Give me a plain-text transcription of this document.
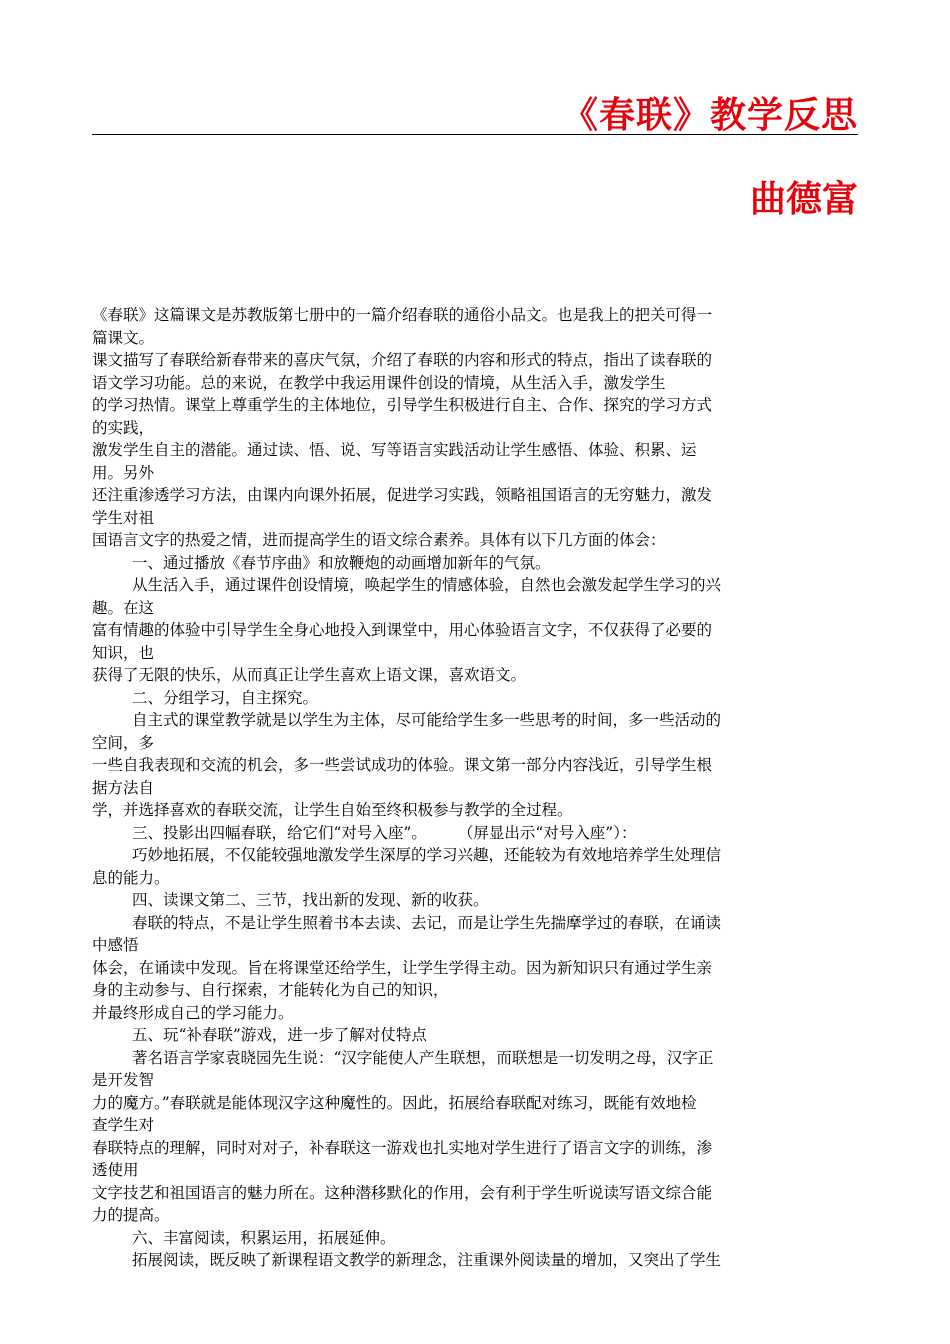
《春联》教学反思
曲德富
《春联》这篇课文是苏教版第七册中的一篇介绍春联的通俗小品文。也是我上的把关可得一
篇课文。
课文描写了春联给新春带来的喜庆气氛，介绍了春联的内容和形式的特点，指出了读春联的
语文学习功能。总的来说，在教学中我运用课件创设的情境，从生活入手，激发学生
的学习热情。课堂上尊重学生的主体地位，引导学生积极进行自主、合作、探究的学习方式
的实践，
激发学生自主的潜能。通过读、悟、说、写等语言实践活动让学生感悟、体验、积累、运
用。另外
还注重渗透学习方法，由课内向课外拓展，促进学习实践，领略祖国语言的无穷魅力，激发
学生对祖
国语言文字的热爱之情，进而提高学生的语文综合素养。具体有以下几方面的体会：
一、通过播放《春节序曲》和放鞭炮的动画增加新年的气氛。
从生活入手，通过课件创设情境，唤起学生的情感体验，自然也会激发起学生学习的兴
趣。在这
富有情趣的体验中引导学生全身心地投入到课堂中，用心体验语言文字，不仅获得了必要的
知识，也
获得了无限的快乐，从而真正让学生喜欢上语文课，喜欢语文。
二、分组学习，自主探究。
自主式的课堂教学就是以学生为主体，尽可能给学生多一些思考的时间，多一些活动的
空间，多
一些自我表现和交流的机会，多一些尝试成功的体验。课文第一部分内容浅近，引导学生根
据方法自
学，并选择喜欢的春联交流，让学生自始至终积极参与教学的全过程。
三、投影出四幅春联，给它们“对号入座”。　　　（屏显出示“对号入座”）：
巧妙地拓展，不仅能较强地激发学生深厚的学习兴趣，还能较为有效地培养学生处理信
息的能力。
四、读课文第二、三节，找出新的发现、新的收获。
春联的特点，不是让学生照着书本去读、去记，而是让学生先揣摩学过的春联，在诵读
中感悟
体会，在诵读中发现。旨在将课堂还给学生，让学生学得主动。因为新知识只有通过学生亲
身的主动参与、自行探索，才能转化为自己的知识，
并最终形成自己的学习能力。
五、玩“补春联”游戏，进一步了解对仗特点
著名语言学家袁晓园先生说：“汉字能使人产生联想，而联想是一切发明之母，汉字正
是开发智
力的魔方。”春联就是能体现汉字这种魔性的。因此，拓展给春联配对练习，既能有效地检
查学生对
春联特点的理解，同时对对子，补春联这一游戏也扎实地对学生进行了语言文字的训练，渗
透使用
文字技艺和祖国语言的魅力所在。这种潜移默化的作用，会有利于学生听说读写语文综合能
力的提高。
六、丰富阅读，积累运用，拓展延伸。
拓展阅读，既反映了新课程语文教学的新理念，注重课外阅读量的增加，又突出了学生
